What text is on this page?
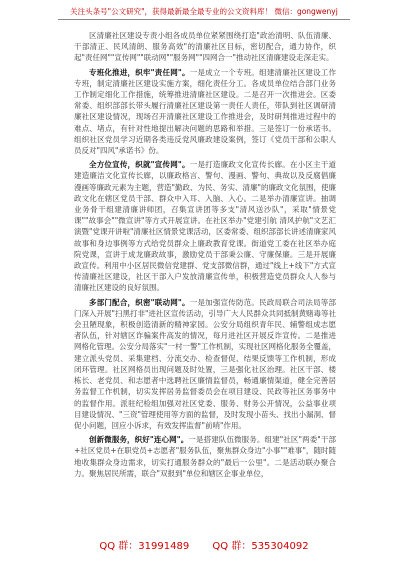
关注头条号"公文研究"，获得最新最全最专业的公文资料库！ 微信：gongwenyj

区清廉社区建设专责小组各成员单位紧紧围绕打造"政治清明、队伍清廉、干部清正、民风清朗、服务高效"的清廉社区目标，密切配合，通力协作，织起"责任网""宣传网""联动网""服务网""四网合一"推动社区清廉建设走深走实。

专班化推进，织牢"责任网"。一是成立一个专班。组建清廉社区建设工作专班，制定清廉社区建设实施方案，细化责任分工。各成员单位结合部门业务工作制定细化工作措施，统筹推进清廉社区建设。二是召开一次推进会。区委常委、组织部部长带头履行清廉社区建设第一责任人责任，带队到社区调研清廉社区建设情况，现场召开清廉社区建设工作推进会，及时研判推进过程中的难点、堵点，有针对性地提出解决问题的思路和举措。三是签订一份承诺书。组织社区党员学习近期各类违反党风廉政建设案例，签订《党员干部和公职人员反对"四风"承诺书》份。

全方位宣传，织就"宣传网"。一是打造廉政文化宣传长廊。在小区主干道建造廉洁文化宣传长廊，以廉政格言、警句、漫画、警句、典故以及反腐倡廉漫画等廉政元素为主题，营造"勤政、为民、务实、清廉"的廉政文化氛围，使廉政文化在辖区党员干部、群众中入耳、入脑、入心。二是举办清廉宣讲。抽调业务骨干组建清廉讲师团，召集宣讲团等多支"清风送沙队"，采取"情景党课""故事会""微宣讲"等方式开展宣讲。在社区举办"党建引航 清风护航"文艺汇演暨"党课开讲啦"清廉社区情景党课活动，区委常委、组织部部长讲述清廉家风故事和身边事例等方式给党员群众上廉政教育党课。街道党工委在社区举办庭院党课，宣讲于成龙廉政故事，激励党员干部秉公廉、守廉保廉。三是开展廉政宣传。利用中小区居民微信党建群、党支部微信群，通过"线上+线下"方式宣传清廉社区建设，社区干部入户发放清廉宣传单，积极营造党员群众人人参与清廉社区建设的良好氛围。

多部门配合，织密"联动网"。一是加强宣传防范。民政局联合司法局等部门深入开展"扫黑打非"进社区宣传活动，引导广大人民群众共同抵制黄赌毒等社会丑陋现象，积极创造清新的精神家园。公安分局组织青年民、辅警组成志愿者队伍，针对辖区诈骗案件高发的情况，每月进社区开展反诈宣传。二是推进网格化管理。公安分局落实"一村一警"工作机制，实现社区网格化服务全覆盖，建立派头党员、采集建档、分流交办、检查督促、结果反馈等工作机制，形成闭环管理。社区网格员出现问题及时处置，三是强化社区治理。社区干部、楼栋长、老党员、和志愿者中选聘社区廉情监督员，畅通廉情渠道，健全完善居务监督工作机制，切实发挥居务监督委员会在项目建设、民政等社区务事务中的监督作用。派驻纪检组加强对社区党委、服务、财务公开情况，公益事业项目建设情况、"三资"管理使用等方面的监督，及时发现小苗头、找出小漏洞、督促小问题，回应小诉求，有效发挥监督"前哨"作用。

创新微服务，织好"连心网"。一是搭建队伍微服务。组建"社区"两委"干部+社区党员+在职党员+志愿者"服务队伍，聚焦群众身边"小事""难事"，随时随地收集群众身边需求，切实打通服务群众的"最后一公里"。二是活动联办聚合力。聚焦居民所需，联合"双报到"单位和辖区企事业单位，

QQ 群：31991489 QQ 群：535304092
